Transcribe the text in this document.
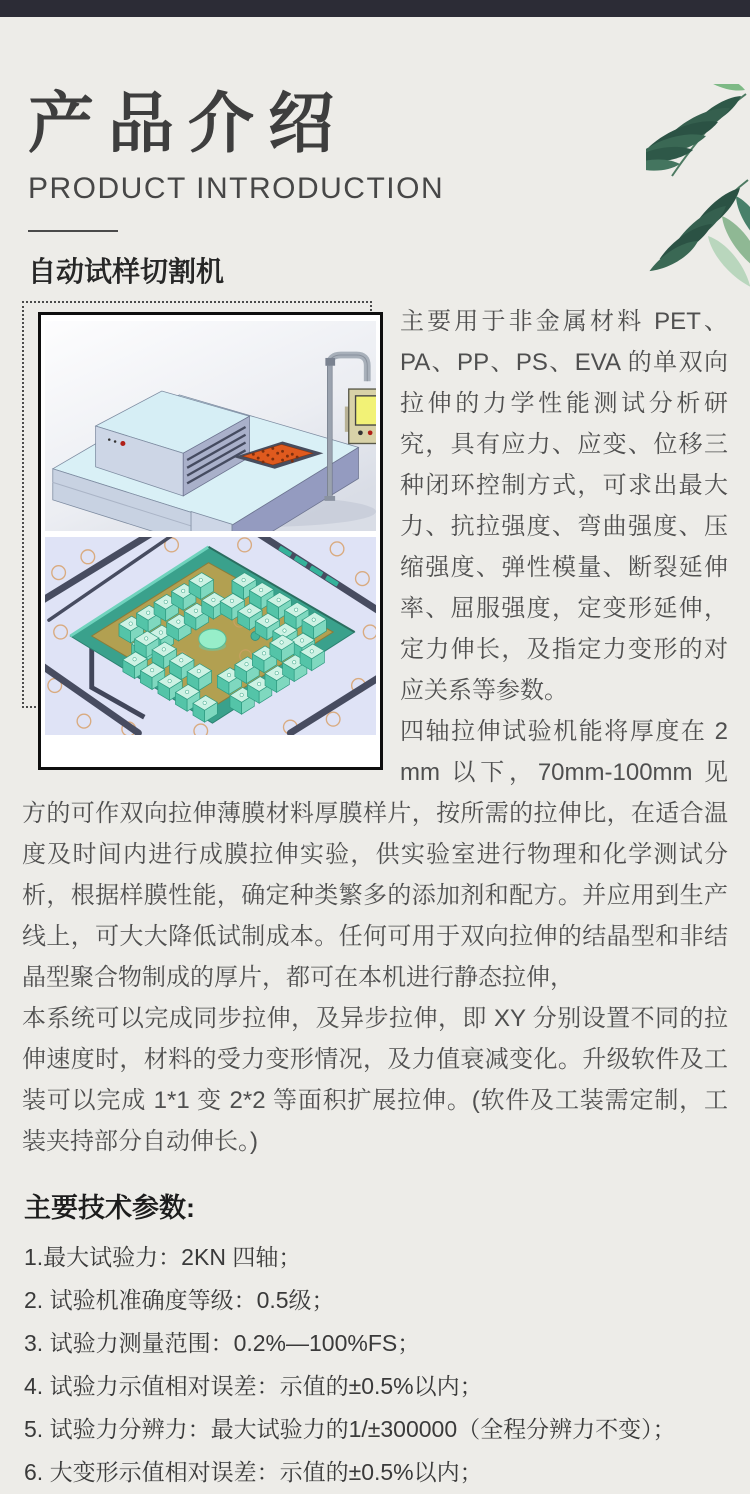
产品介绍
PRODUCT INTRODUCTION
自动试样切割机

主要用于非金属材料 PET、PA、PP、PS、EVA 的单双向拉伸的力学性能测试分析研究，具有应力、应变、位移三种闭环控制方式，可求出最大力、抗拉强度、弯曲强度、压缩强度、弹性模量、断裂延伸率、屈服强度，定变形延伸，定力伸长，及指定力变形的对应关系等参数。

四轴拉伸试验机能将厚度在 2 mm 以下，70mm-100mm 见方的可作双向拉伸薄膜材料厚膜样片，按所需的拉伸比，在适合温度及时间内进行成膜拉伸实验，供实验室进行物理和化学测试分析，根据样膜性能，确定种类繁多的添加剂和配方。并应用到生产线上，可大大降低试制成本。任何可用于双向拉伸的结晶型和非结晶型聚合物制成的厚片，都可在本机进行静态拉伸，

本系统可以完成同步拉伸，及异步拉伸，即 XY 分别设置不同的拉伸速度时，材料的受力变形情况，及力值衰减变化。升级软件及工装可以完成 1*1 变 2*2 等面积扩展拉伸。(软件及工装需定制，工装夹持部分自动伸长。)

主要技术参数:
1.最大试验力：2KN 四轴；
2. 试验机准确度等级：0.5级；
3. 试验力测量范围：0.2%—100%FS；
4. 试验力示值相对误差：示值的±0.5%以内；
5. 试验力分辨力：最大试验力的1/±300000（全程分辨力不变）；
6. 大变形示值相对误差：示值的±0.5%以内；
